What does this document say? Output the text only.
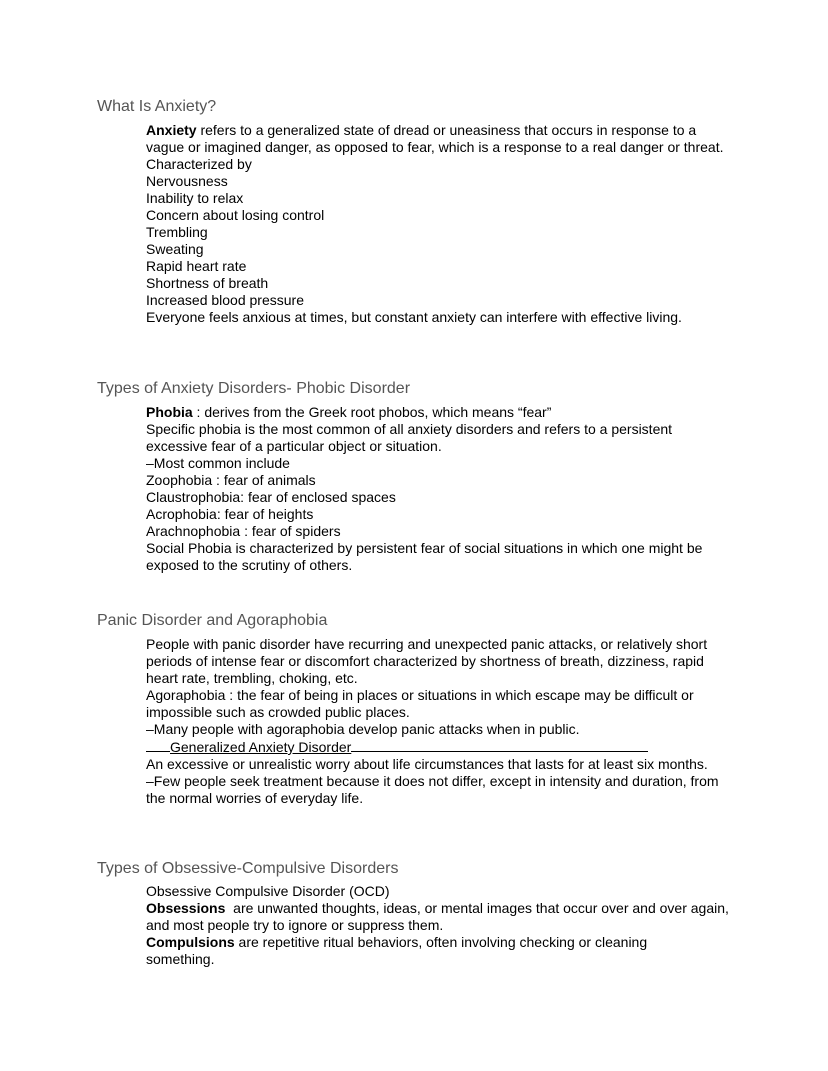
What Is Anxiety?
Anxiety refers to a generalized state of dread or uneasiness that occurs in response to a vague or imagined danger, as opposed to fear, which is a response to a real danger or threat.
Characterized by
Nervousness
Inability to relax
Concern about losing control
Trembling
Sweating
Rapid heart rate
Shortness of breath
Increased blood pressure
Everyone feels anxious at times, but constant anxiety can interfere with effective living.
Types of Anxiety Disorders- Phobic Disorder
Phobia : derives from the Greek root phobos, which means “fear”
Specific phobia is the most common of all anxiety disorders and refers to a persistent excessive fear of a particular object or situation.
–Most common include
Zoophobia : fear of animals
Claustrophobia: fear of enclosed spaces
Acrophobia: fear of heights
Arachnophobia : fear of spiders
Social Phobia is characterized by persistent fear of social situations in which one might be exposed to the scrutiny of others.
Panic Disorder and Agoraphobia
People with panic disorder have recurring and unexpected panic attacks, or relatively short periods of intense fear or discomfort characterized by shortness of breath, dizziness, rapid heart rate, trembling, choking, etc.
Agoraphobia : the fear of being in places or situations in which escape may be difficult or impossible such as crowded public places.
–Many people with agoraphobia develop panic attacks when in public.
Generalized Anxiety Disorder
An excessive or unrealistic worry about life circumstances that lasts for at least six months.
–Few people seek treatment because it does not differ, except in intensity and duration, from the normal worries of everyday life.
Types of Obsessive-Compulsive Disorders
Obsessive Compulsive Disorder (OCD)
Obsessions  are unwanted thoughts, ideas, or mental images that occur over and over again, and most people try to ignore or suppress them.
Compulsions are repetitive ritual behaviors, often involving checking or cleaning something.
